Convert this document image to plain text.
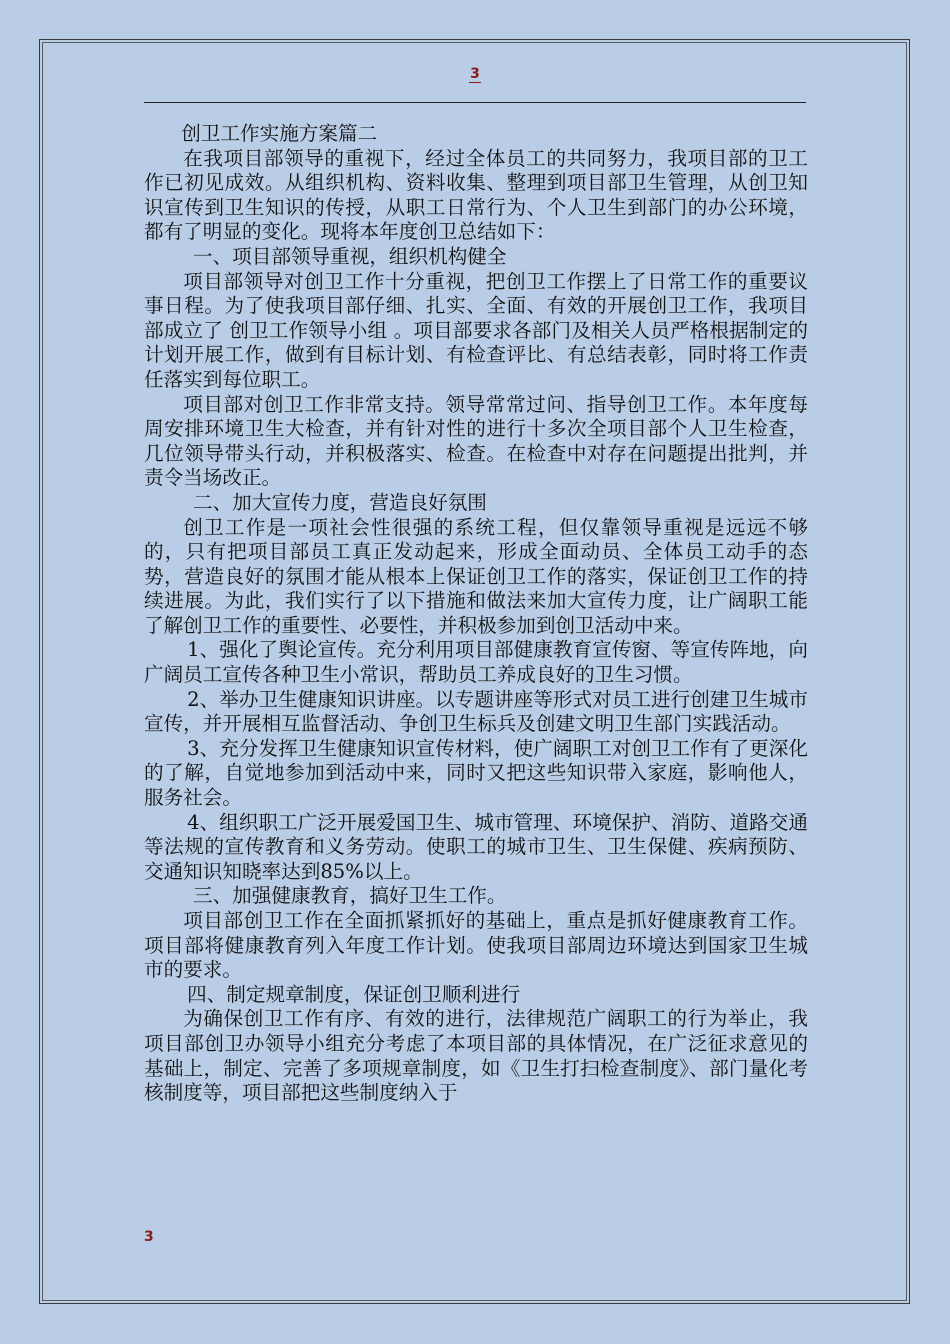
3

创卫工作实施方案篇二

在我项目部领导的重视下，经过全体员工的共同努力，我项目部的卫工作已初见成效。从组织机构、资料收集、整理到项目部卫生管理，从创卫知识宣传到卫生知识的传授，从职工日常行为、个人卫生到部门的办公环境，都有了明显的变化。现将本年度创卫总结如下：

一、项目部领导重视，组织机构健全

项目部领导对创卫工作十分重视，把创卫工作摆上了日常工作的重要议事日程。为了使我项目部仔细、扎实、全面、有效的开展创卫工作，我项目部成立了 创卫工作领导小组 。项目部要求各部门及相关人员严格根据制定的计划开展工作，做到有目标计划、有检查评比、有总结表彰，同时将工作责任落实到每位职工。

项目部对创卫工作非常支持。领导常常过问、指导创卫工作。本年度每周安排环境卫生大检查，并有针对性的进行十多次全项目部个人卫生检查，几位领导带头行动，并积极落实、检查。在检查中对存在问题提出批判，并责令当场改正。

二、加大宣传力度，营造良好氛围

创卫工作是一项社会性很强的系统工程，但仅靠领导重视是远远不够的，只有把项目部员工真正发动起来，形成全面动员、全体员工动手的态势，营造良好的氛围才能从根本上保证创卫工作的落实，保证创卫工作的持续进展。为此，我们实行了以下措施和做法来加大宣传力度，让广阔职工能了解创卫工作的重要性、必要性，并积极参加到创卫活动中来。

1、强化了舆论宣传。充分利用项目部健康教育宣传窗、等宣传阵地，向广阔员工宣传各种卫生小常识，帮助员工养成良好的卫生习惯。

2、举办卫生健康知识讲座。以专题讲座等形式对员工进行创建卫生城市宣传，并开展相互监督活动、争创卫生标兵及创建文明卫生部门实践活动。

3、充分发挥卫生健康知识宣传材料，使广阔职工对创卫工作有了更深化的了解，自觉地参加到活动中来，同时又把这些知识带入家庭，影响他人，服务社会。

4、组织职工广泛开展爱国卫生、城市管理、环境保护、消防、道路交通等法规的宣传教育和义务劳动。使职工的城市卫生、卫生保健、疾病预防、交通知识知晓率达到85%以上。

三、加强健康教育，搞好卫生工作。

项目部创卫工作在全面抓紧抓好的基础上，重点是抓好健康教育工作。项目部将健康教育列入年度工作计划。使我项目部周边环境达到国家卫生城市的要求。

四、制定规章制度，保证创卫顺利进行

为确保创卫工作有序、有效的进行，法律规范广阔职工的行为举止，我项目部创卫办领导小组充分考虑了本项目部的具体情况，在广泛征求意见的基础上，制定、完善了多项规章制度，如《卫生打扫检查制度》、部门量化考核制度等，项目部把这些制度纳入于

3
